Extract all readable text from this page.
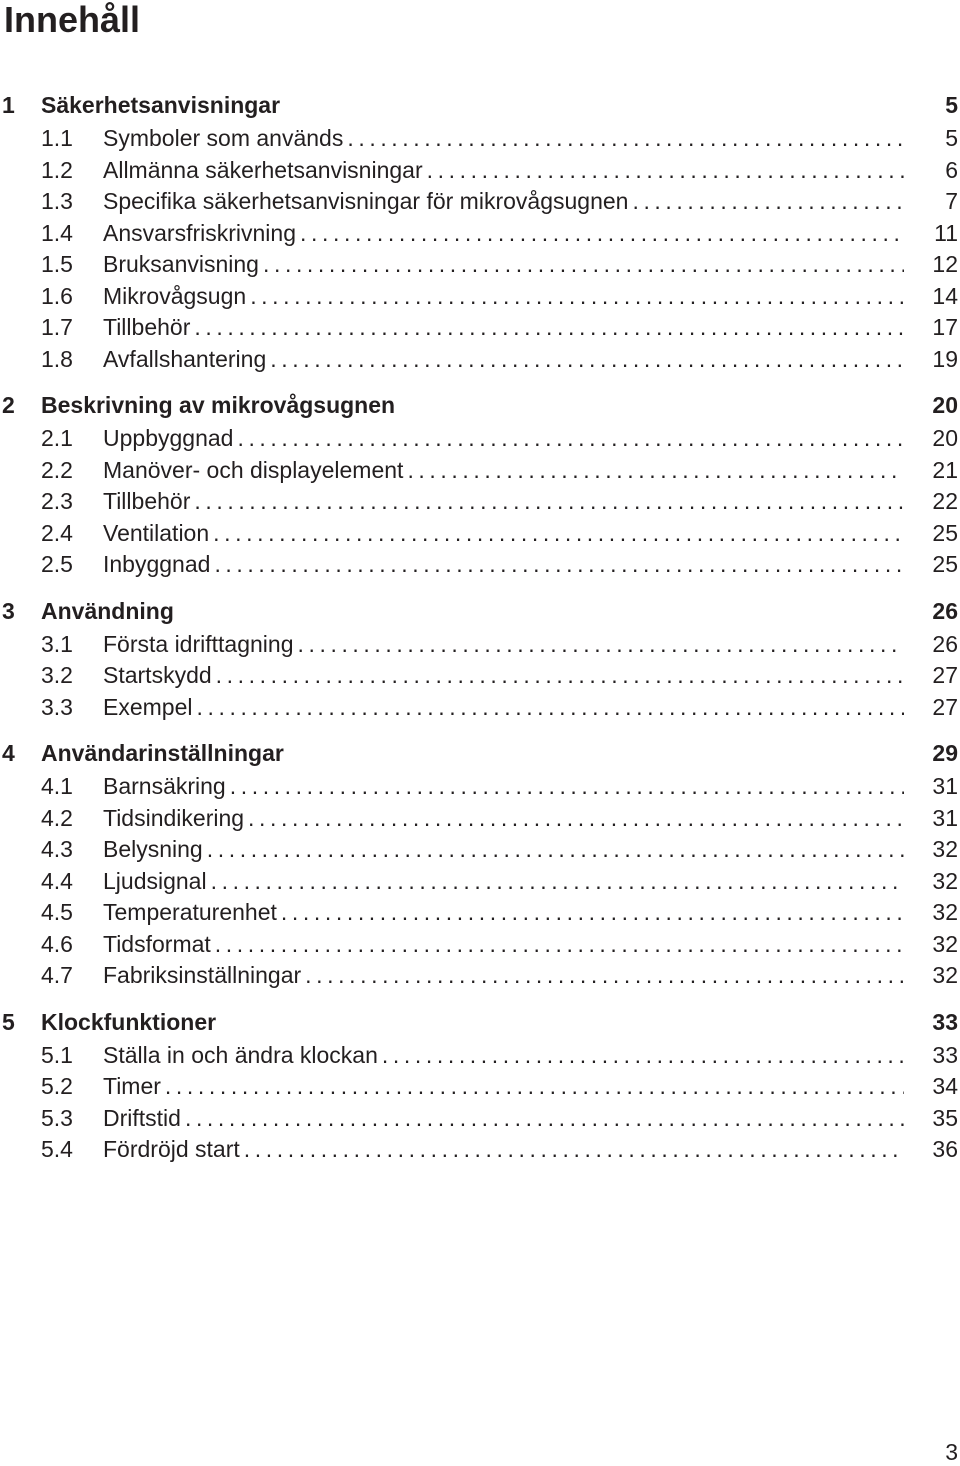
Innehåll
1 Säkerhetsanvisningar	5
1.1 Symboler som används .....	5
1.2 Allmänna säkerhetsanvisningar .....	6
1.3 Specifika säkerhetsanvisningar för mikrovågsugnen .....	7
1.4 Ansvarsfriskrivning .....	11
1.5 Bruksanvisning .....	12
1.6 Mikrovågsugn .....	14
1.7 Tillbehör .....	17
1.8 Avfallshantering .....	19
2 Beskrivning av mikrovågsugnen	20
2.1 Uppbyggnad .....	20
2.2 Manöver- och displayelement .....	21
2.3 Tillbehör .....	22
2.4 Ventilation .....	25
2.5 Inbyggnad .....	25
3 Användning	26
3.1 Första idrifttagning .....	26
3.2 Startskydd .....	27
3.3 Exempel .....	27
4 Användarinställningar	29
4.1 Barnsäkring .....	31
4.2 Tidsindikering .....	31
4.3 Belysning .....	32
4.4 Ljudsignal .....	32
4.5 Temperaturenhet .....	32
4.6 Tidsformat .....	32
4.7 Fabriksinställningar .....	32
5 Klockfunktioner	33
5.1 Ställa in och ändra klockan .....	33
5.2 Timer .....	34
5.3 Driftstid .....	35
5.4 Fördröjd start .....	36
3
